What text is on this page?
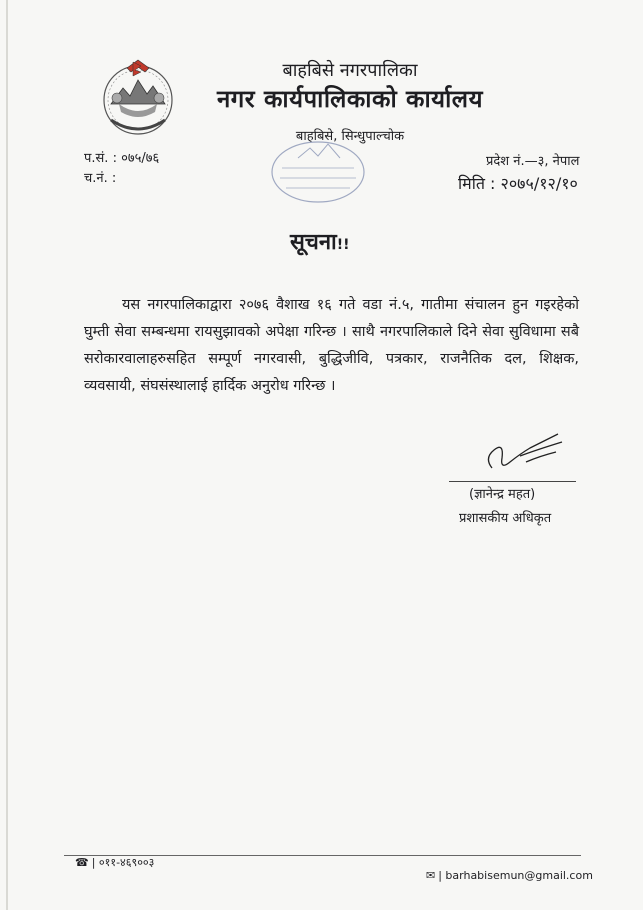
बाहबिसे नगरपालिका
नगर कार्यपालिकाको कार्यालय
बाहबिसे, सिन्धुपाल्चोक
प.सं. : ०७५/७६
च.नं. :
प्रदेश नं.—३, नेपाल
मिति : २०७५/१२/१०
सूचना!!
यस नगरपालिकाद्वारा २०७६ वैशाख १६ गते वडा नं.५, गातीमा संचालन हुन गइरहेको घुम्ती सेवा सम्बन्धमा रायसुझावको अपेक्षा गरिन्छ । साथै नगरपालिकाले दिने सेवा सुविधामा सबै सरोकारवालाहरुसहित सम्पूर्ण नगरवासी, बुद्धिजीवि, पत्रकार, राजनैतिक दल, शिक्षक, व्यवसायी, संघसंस्थालाई हार्दिक अनुरोध गरिन्छ ।
(ज्ञानेन्द्र महत)
प्रशासकीय अधिकृत
☎ | ०११-४६९००३
✉ | barhabisemun@gmail.com
